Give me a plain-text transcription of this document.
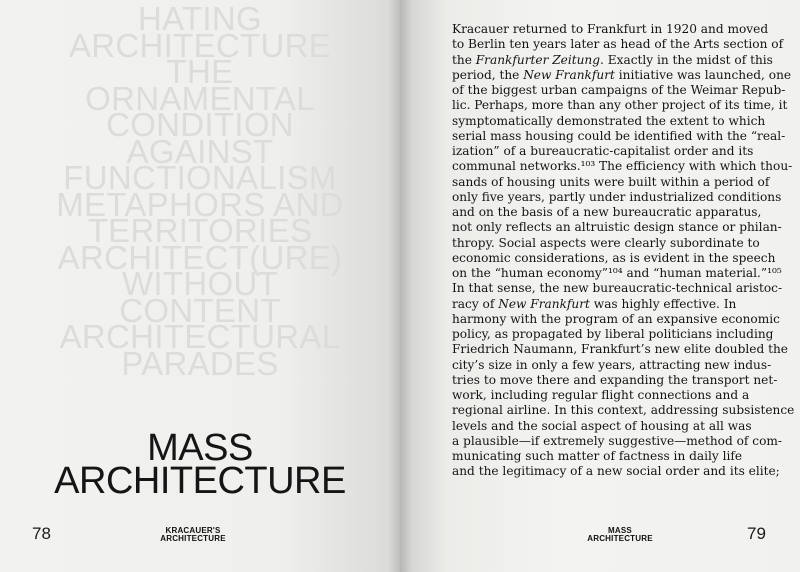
HATING
ARCHITECTURE
THE
ORNAMENTAL
CONDITION
AGAINST
FUNCTIONALISM
METAPHORS AND
TERRITORIES
ARCHITECT(URE)
WITHOUT
CONTENT
ARCHITECTURAL
PARADES
MASS
ARCHITECTURE
78	KRACAUER'S
ARCHITECTURE
Kracauer returned to Frankfurt in 1920 and moved
to Berlin ten years later as head of the Arts section of
the Frankfurter Zeitung. Exactly in the midst of this
period, the New Frankfurt initiative was launched, one
of the biggest urban campaigns of the Weimar Repub-
lic. Perhaps, more than any other project of its time, it
symptomatically demonstrated the extent to which
serial mass housing could be identified with the “real-
ization” of a bureaucratic-capitalist order and its
communal networks.¹⁰³ The efficiency with which thou-
sands of housing units were built within a period of
only five years, partly under industrialized conditions
and on the basis of a new bureaucratic apparatus,
not only reflects an altruistic design stance or philan-
thropy. Social aspects were clearly subordinate to
economic considerations, as is evident in the speech
on the “human economy”¹⁰⁴ and “human material.”¹⁰⁵
In that sense, the new bureaucratic-technical aristoc-
racy of New Frankfurt was highly effective. In
harmony with the program of an expansive economic
policy, as propagated by liberal politicians including
Friedrich Naumann, Frankfurt’s new elite doubled the
city’s size in only a few years, attracting new indus-
tries to move there and expanding the transport net-
work, including regular flight connections and a
regional airline. In this context, addressing subsistence
levels and the social aspect of housing at all was
a plausible—if extremely suggestive—method of com-
municating such matter of factness in daily life
and the legitimacy of a new social order and its elite;
79
MASS
ARCHITECTURE
